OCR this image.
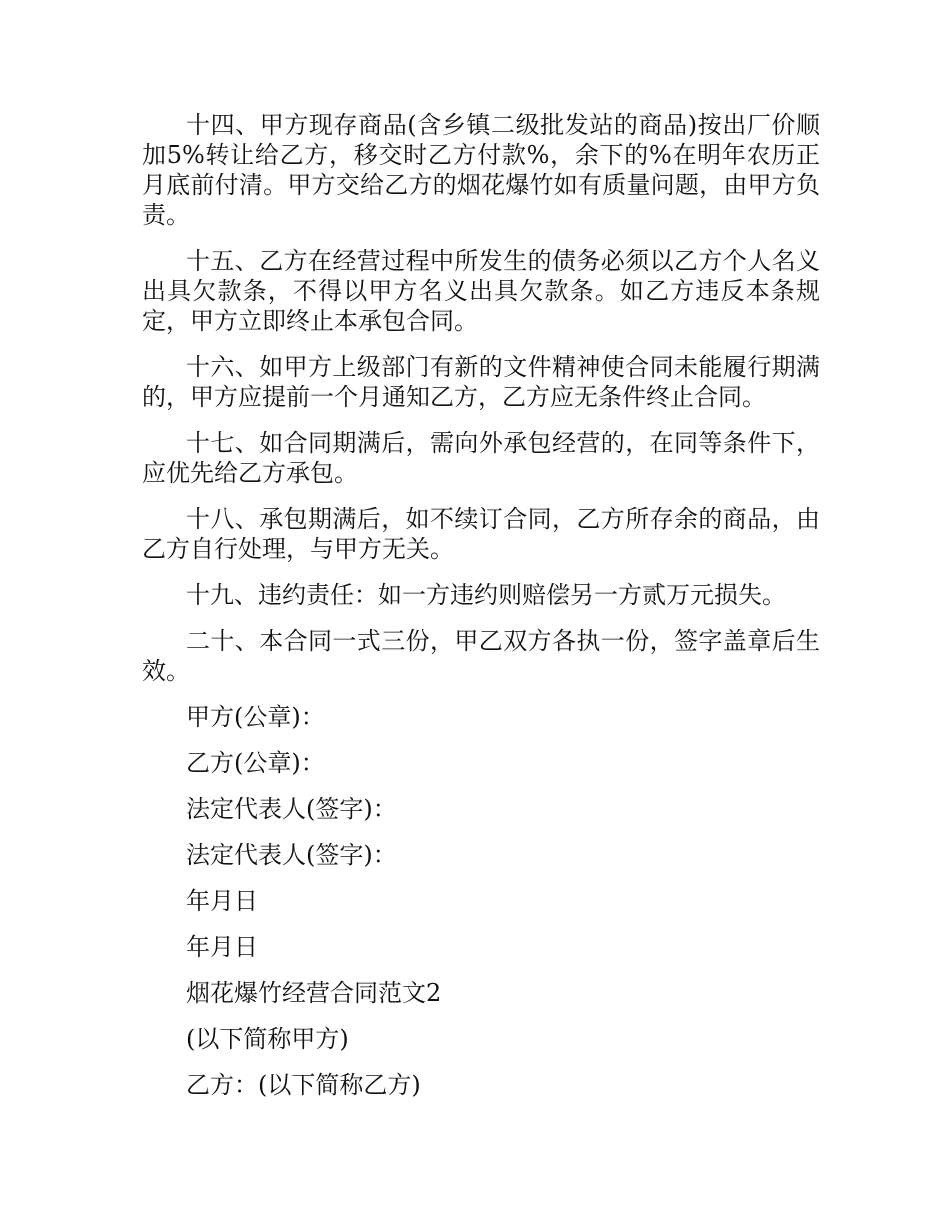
十四、甲方现存商品(含乡镇二级批发站的商品)按出厂价顺加5%转让给乙方，移交时乙方付款%，余下的%在明年农历正月底前付清。甲方交给乙方的烟花爆竹如有质量问题，由甲方负责。

十五、乙方在经营过程中所发生的债务必须以乙方个人名义出具欠款条，不得以甲方名义出具欠款条。如乙方违反本条规定，甲方立即终止本承包合同。

十六、如甲方上级部门有新的文件精神使合同未能履行期满的，甲方应提前一个月通知乙方，乙方应无条件终止合同。

十七、如合同期满后，需向外承包经营的，在同等条件下，应优先给乙方承包。

十八、承包期满后，如不续订合同，乙方所存余的商品，由乙方自行处理，与甲方无关。

十九、违约责任：如一方违约则赔偿另一方贰万元损失。

二十、本合同一式三份，甲乙双方各执一份，签字盖章后生效。

甲方(公章)：
乙方(公章)：
法定代表人(签字)：
法定代表人(签字)：
年月日
年月日
烟花爆竹经营合同范文2
(以下简称甲方)
乙方：(以下简称乙方)
